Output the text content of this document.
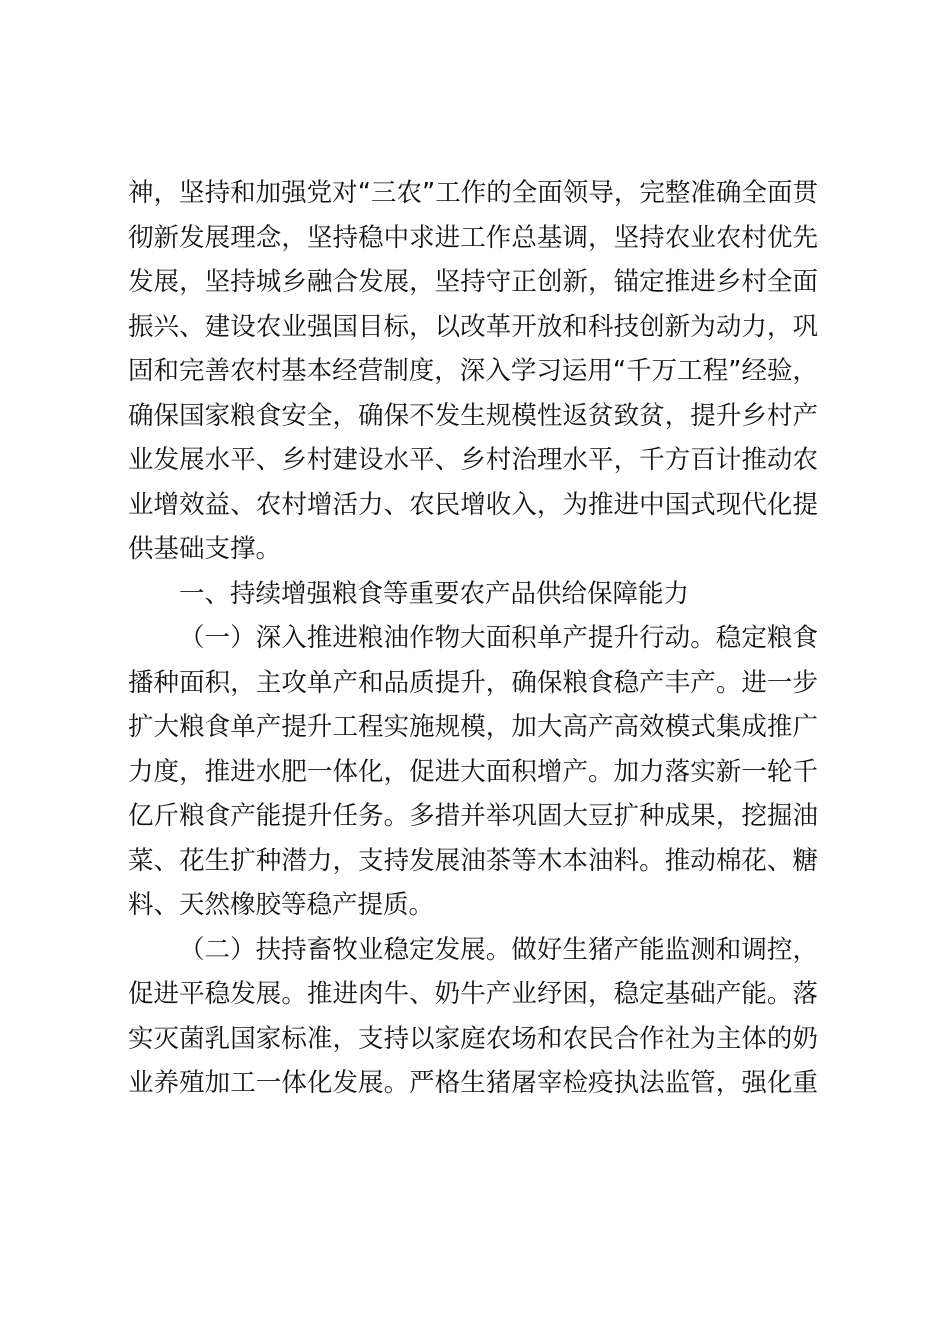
神，坚持和加强党对“三农”工作的全面领导，完整准确全面贯
彻新发展理念，坚持稳中求进工作总基调，坚持农业农村优先
发展，坚持城乡融合发展，坚持守正创新，锚定推进乡村全面
振兴、建设农业强国目标，以改革开放和科技创新为动力，巩
固和完善农村基本经营制度，深入学习运用“千万工程”经验，
确保国家粮食安全，确保不发生规模性返贫致贫，提升乡村产
业发展水平、乡村建设水平、乡村治理水平，千方百计推动农
业增效益、农村增活力、农民增收入，为推进中国式现代化提
供基础支撑。
一、持续增强粮食等重要农产品供给保障能力
（一）深入推进粮油作物大面积单产提升行动。稳定粮食
播种面积，主攻单产和品质提升，确保粮食稳产丰产。进一步
扩大粮食单产提升工程实施规模，加大高产高效模式集成推广
力度，推进水肥一体化，促进大面积增产。加力落实新一轮千
亿斤粮食产能提升任务。多措并举巩固大豆扩种成果，挖掘油
菜、花生扩种潜力，支持发展油茶等木本油料。推动棉花、糖
料、天然橡胶等稳产提质。
（二）扶持畜牧业稳定发展。做好生猪产能监测和调控，
促进平稳发展。推进肉牛、奶牛产业纾困，稳定基础产能。落
实灭菌乳国家标准，支持以家庭农场和农民合作社为主体的奶
业养殖加工一体化发展。严格生猪屠宰检疫执法监管，强化重
